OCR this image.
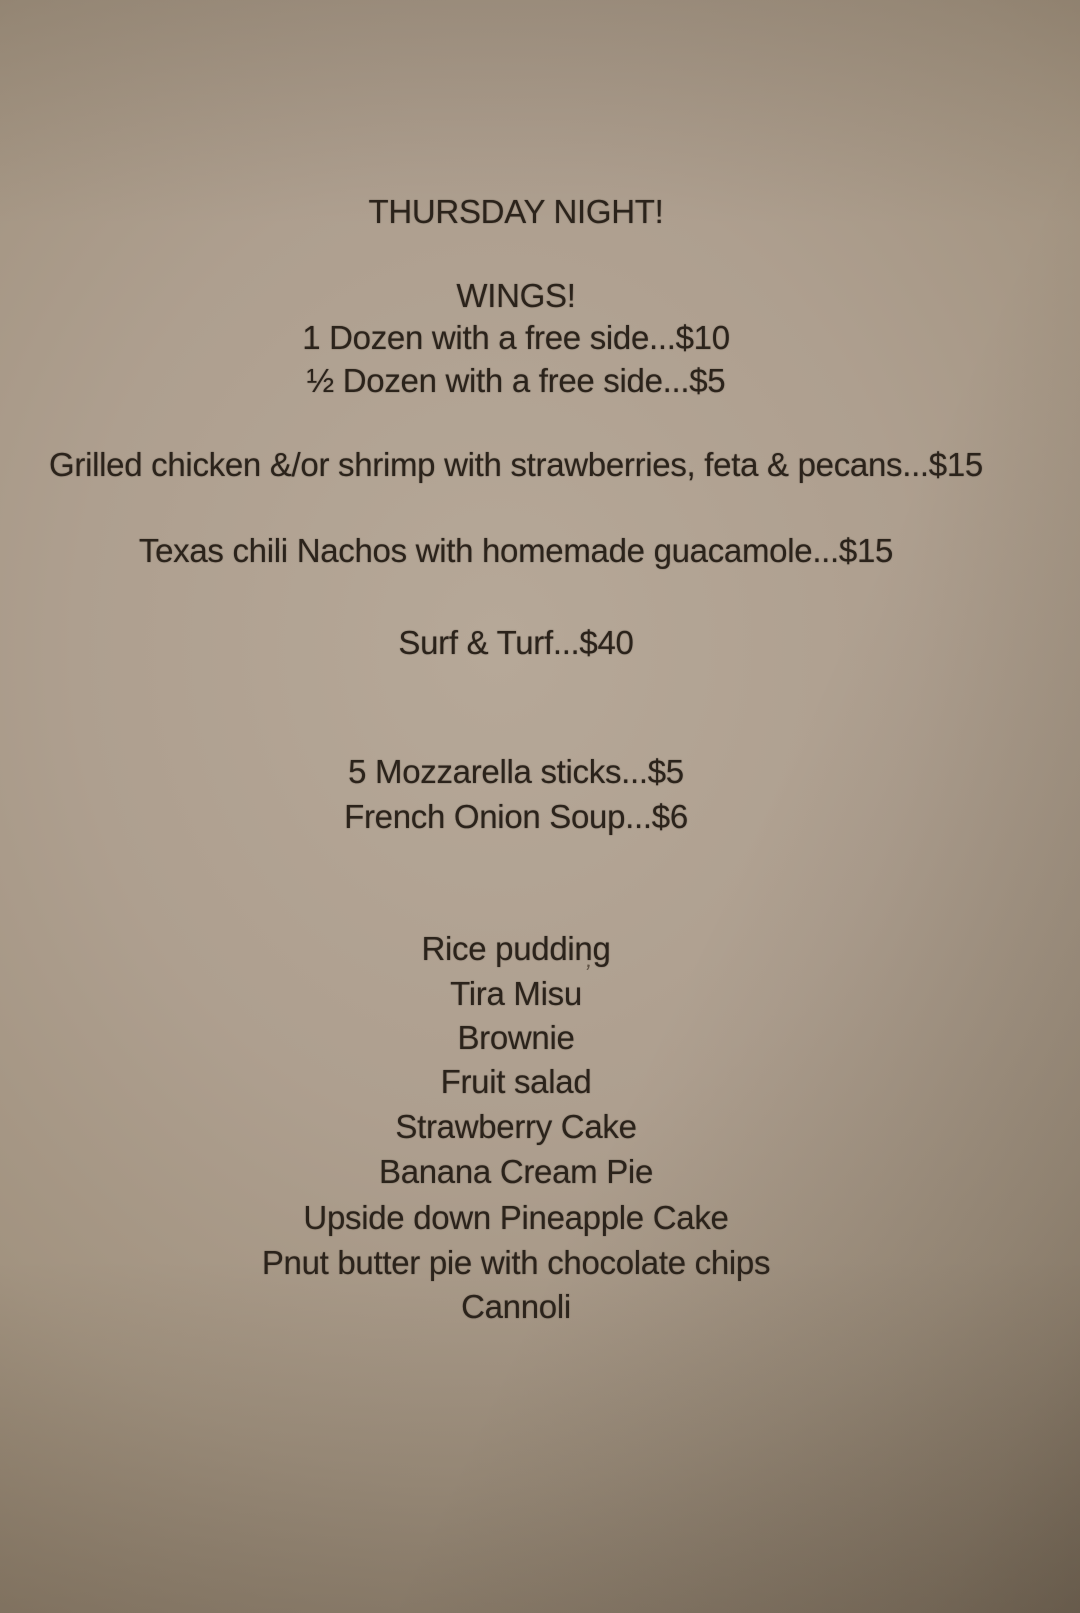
THURSDAY NIGHT!
WINGS!
1 Dozen with a free side...$10
½ Dozen with a free side...$5
Grilled chicken &/or shrimp with strawberries, feta & pecans...$15
Texas chili Nachos with homemade guacamole...$15
Surf & Turf...$40
5 Mozzarella sticks...$5
French Onion Soup...$6
Rice pudding
Tira Misu
Brownie
Fruit salad
Strawberry Cake
Banana Cream Pie
Upside down Pineapple Cake
Pnut butter pie with chocolate chips
Cannoli
’
